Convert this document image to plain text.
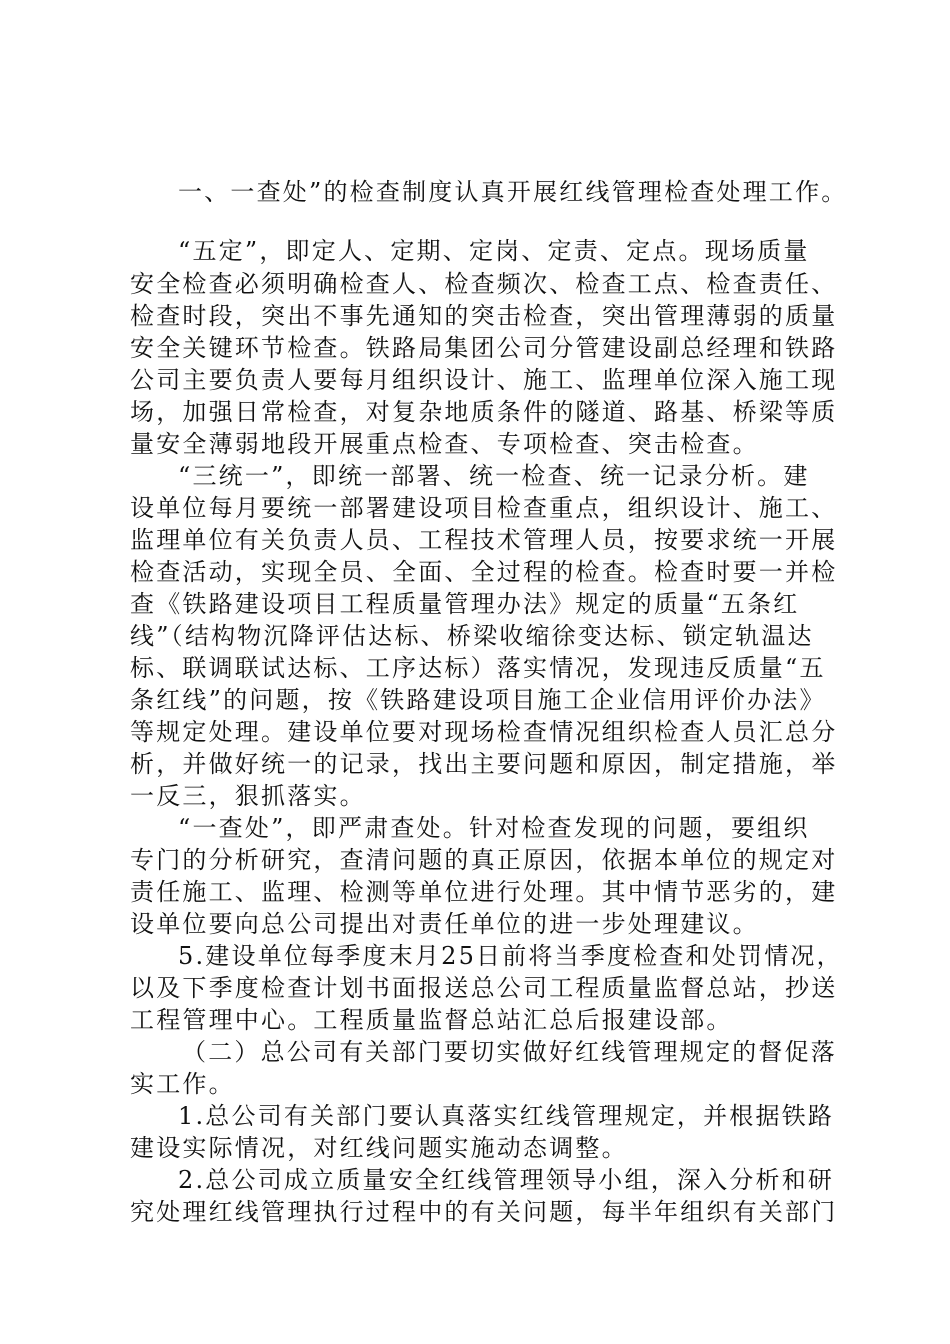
一、一查处”的检查制度认真开展红线管理检查处理工作。
“五定”，即定人、定期、定岗、定责、定点。现场质量
安全检查必须明确检查人、检查频次、检查工点、检查责任、
检查时段，突出不事先通知的突击检查，突出管理薄弱的质量
安全关键环节检查。铁路局集团公司分管建设副总经理和铁路
公司主要负责人要每月组织设计、施工、监理单位深入施工现
场，加强日常检查，对复杂地质条件的隧道、路基、桥梁等质
量安全薄弱地段开展重点检查、专项检查、突击检查。
“三统一”，即统一部署、统一检查、统一记录分析。建
设单位每月要统一部署建设项目检查重点，组织设计、施工、
监理单位有关负责人员、工程技术管理人员，按要求统一开展
检查活动，实现全员、全面、全过程的检查。检查时要一并检
查《铁路建设项目工程质量管理办法》规定的质量“五条红
线”（结构物沉降评估达标、桥梁收缩徐变达标、锁定轨温达
标、联调联试达标、工序达标）落实情况，发现违反质量“五
条红线”的问题，按《铁路建设项目施工企业信用评价办法》
等规定处理。建设单位要对现场检查情况组织检查人员汇总分
析，并做好统一的记录，找出主要问题和原因，制定措施，举
一反三，狠抓落实。
“一查处”，即严肃查处。针对检查发现的问题，要组织
专门的分析研究，查清问题的真正原因，依据本单位的规定对
责任施工、监理、检测等单位进行处理。其中情节恶劣的，建
设单位要向总公司提出对责任单位的进一步处理建议。
5.建设单位每季度末月25日前将当季度检查和处罚情况，
以及下季度检查计划书面报送总公司工程质量监督总站，抄送
工程管理中心。工程质量监督总站汇总后报建设部。
（二）总公司有关部门要切实做好红线管理规定的督促落
实工作。
1.总公司有关部门要认真落实红线管理规定，并根据铁路
建设实际情况，对红线问题实施动态调整。
2.总公司成立质量安全红线管理领导小组，深入分析和研
究处理红线管理执行过程中的有关问题，每半年组织有关部门
